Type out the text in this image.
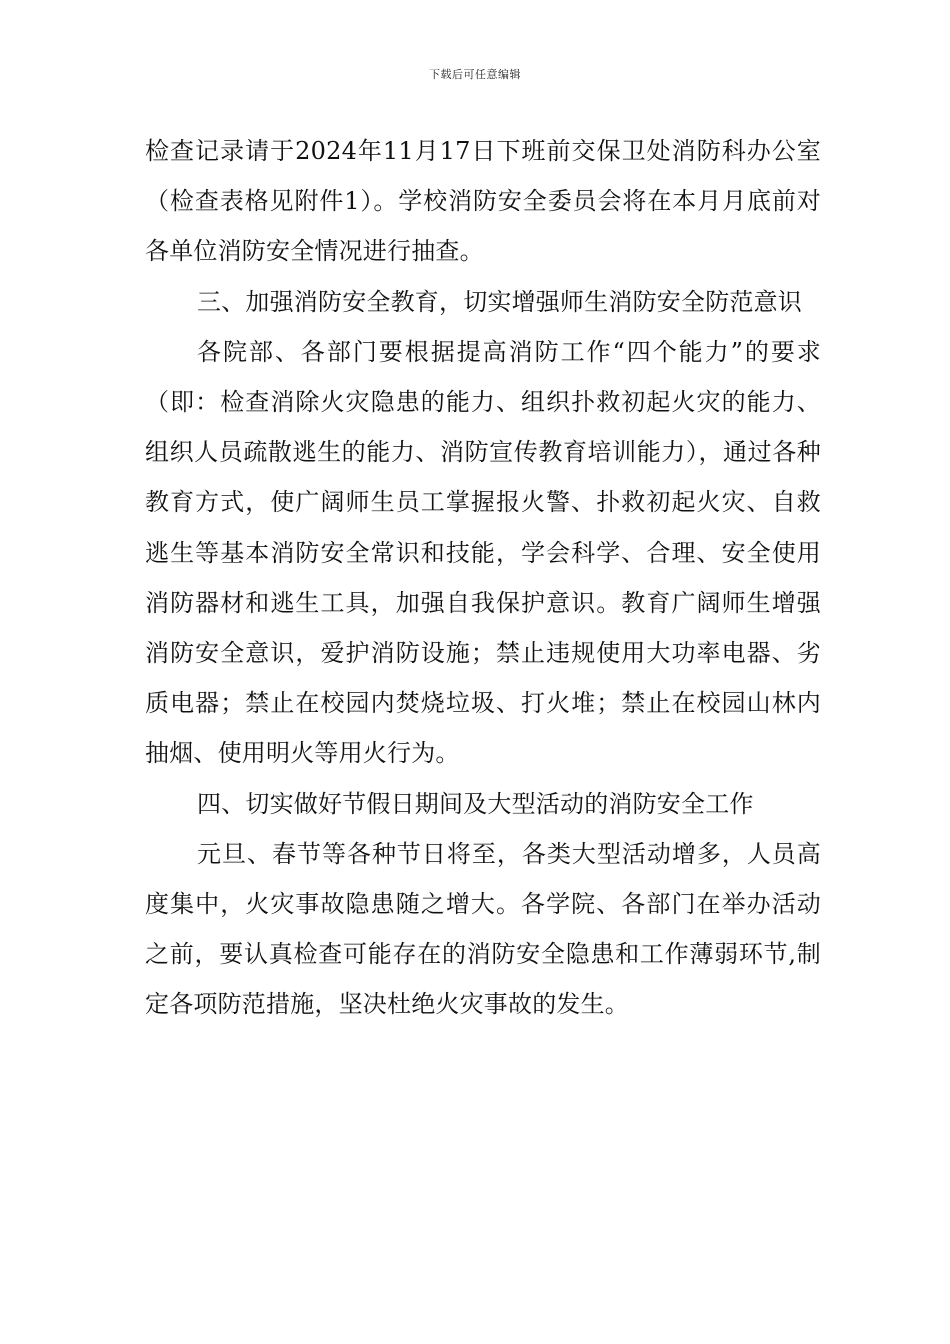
下载后可任意编辑

检查记录请于2024年11月17日下班前交保卫处消防科办公室（检查表格见附件1）。学校消防安全委员会将在本月月底前对各单位消防安全情况进行抽查。

三、加强消防安全教育，切实增强师生消防安全防范意识

各院部、各部门要根据提高消防工作“四个能力”的要求（即：检查消除火灾隐患的能力、组织扑救初起火灾的能力、组织人员疏散逃生的能力、消防宣传教育培训能力），通过各种教育方式，使广阔师生员工掌握报火警、扑救初起火灾、自救逃生等基本消防安全常识和技能，学会科学、合理、安全使用消防器材和逃生工具，加强自我保护意识。教育广阔师生增强消防安全意识，爱护消防设施；禁止违规使用大功率电器、劣质电器；禁止在校园内焚烧垃圾、打火堆；禁止在校园山林内抽烟、使用明火等用火行为。

四、切实做好节假日期间及大型活动的消防安全工作

元旦、春节等各种节日将至，各类大型活动增多，人员高度集中，火灾事故隐患随之增大。各学院、各部门在举办活动之前，要认真检查可能存在的消防安全隐患和工作薄弱环节,制定各项防范措施，坚决杜绝火灾事故的发生。
